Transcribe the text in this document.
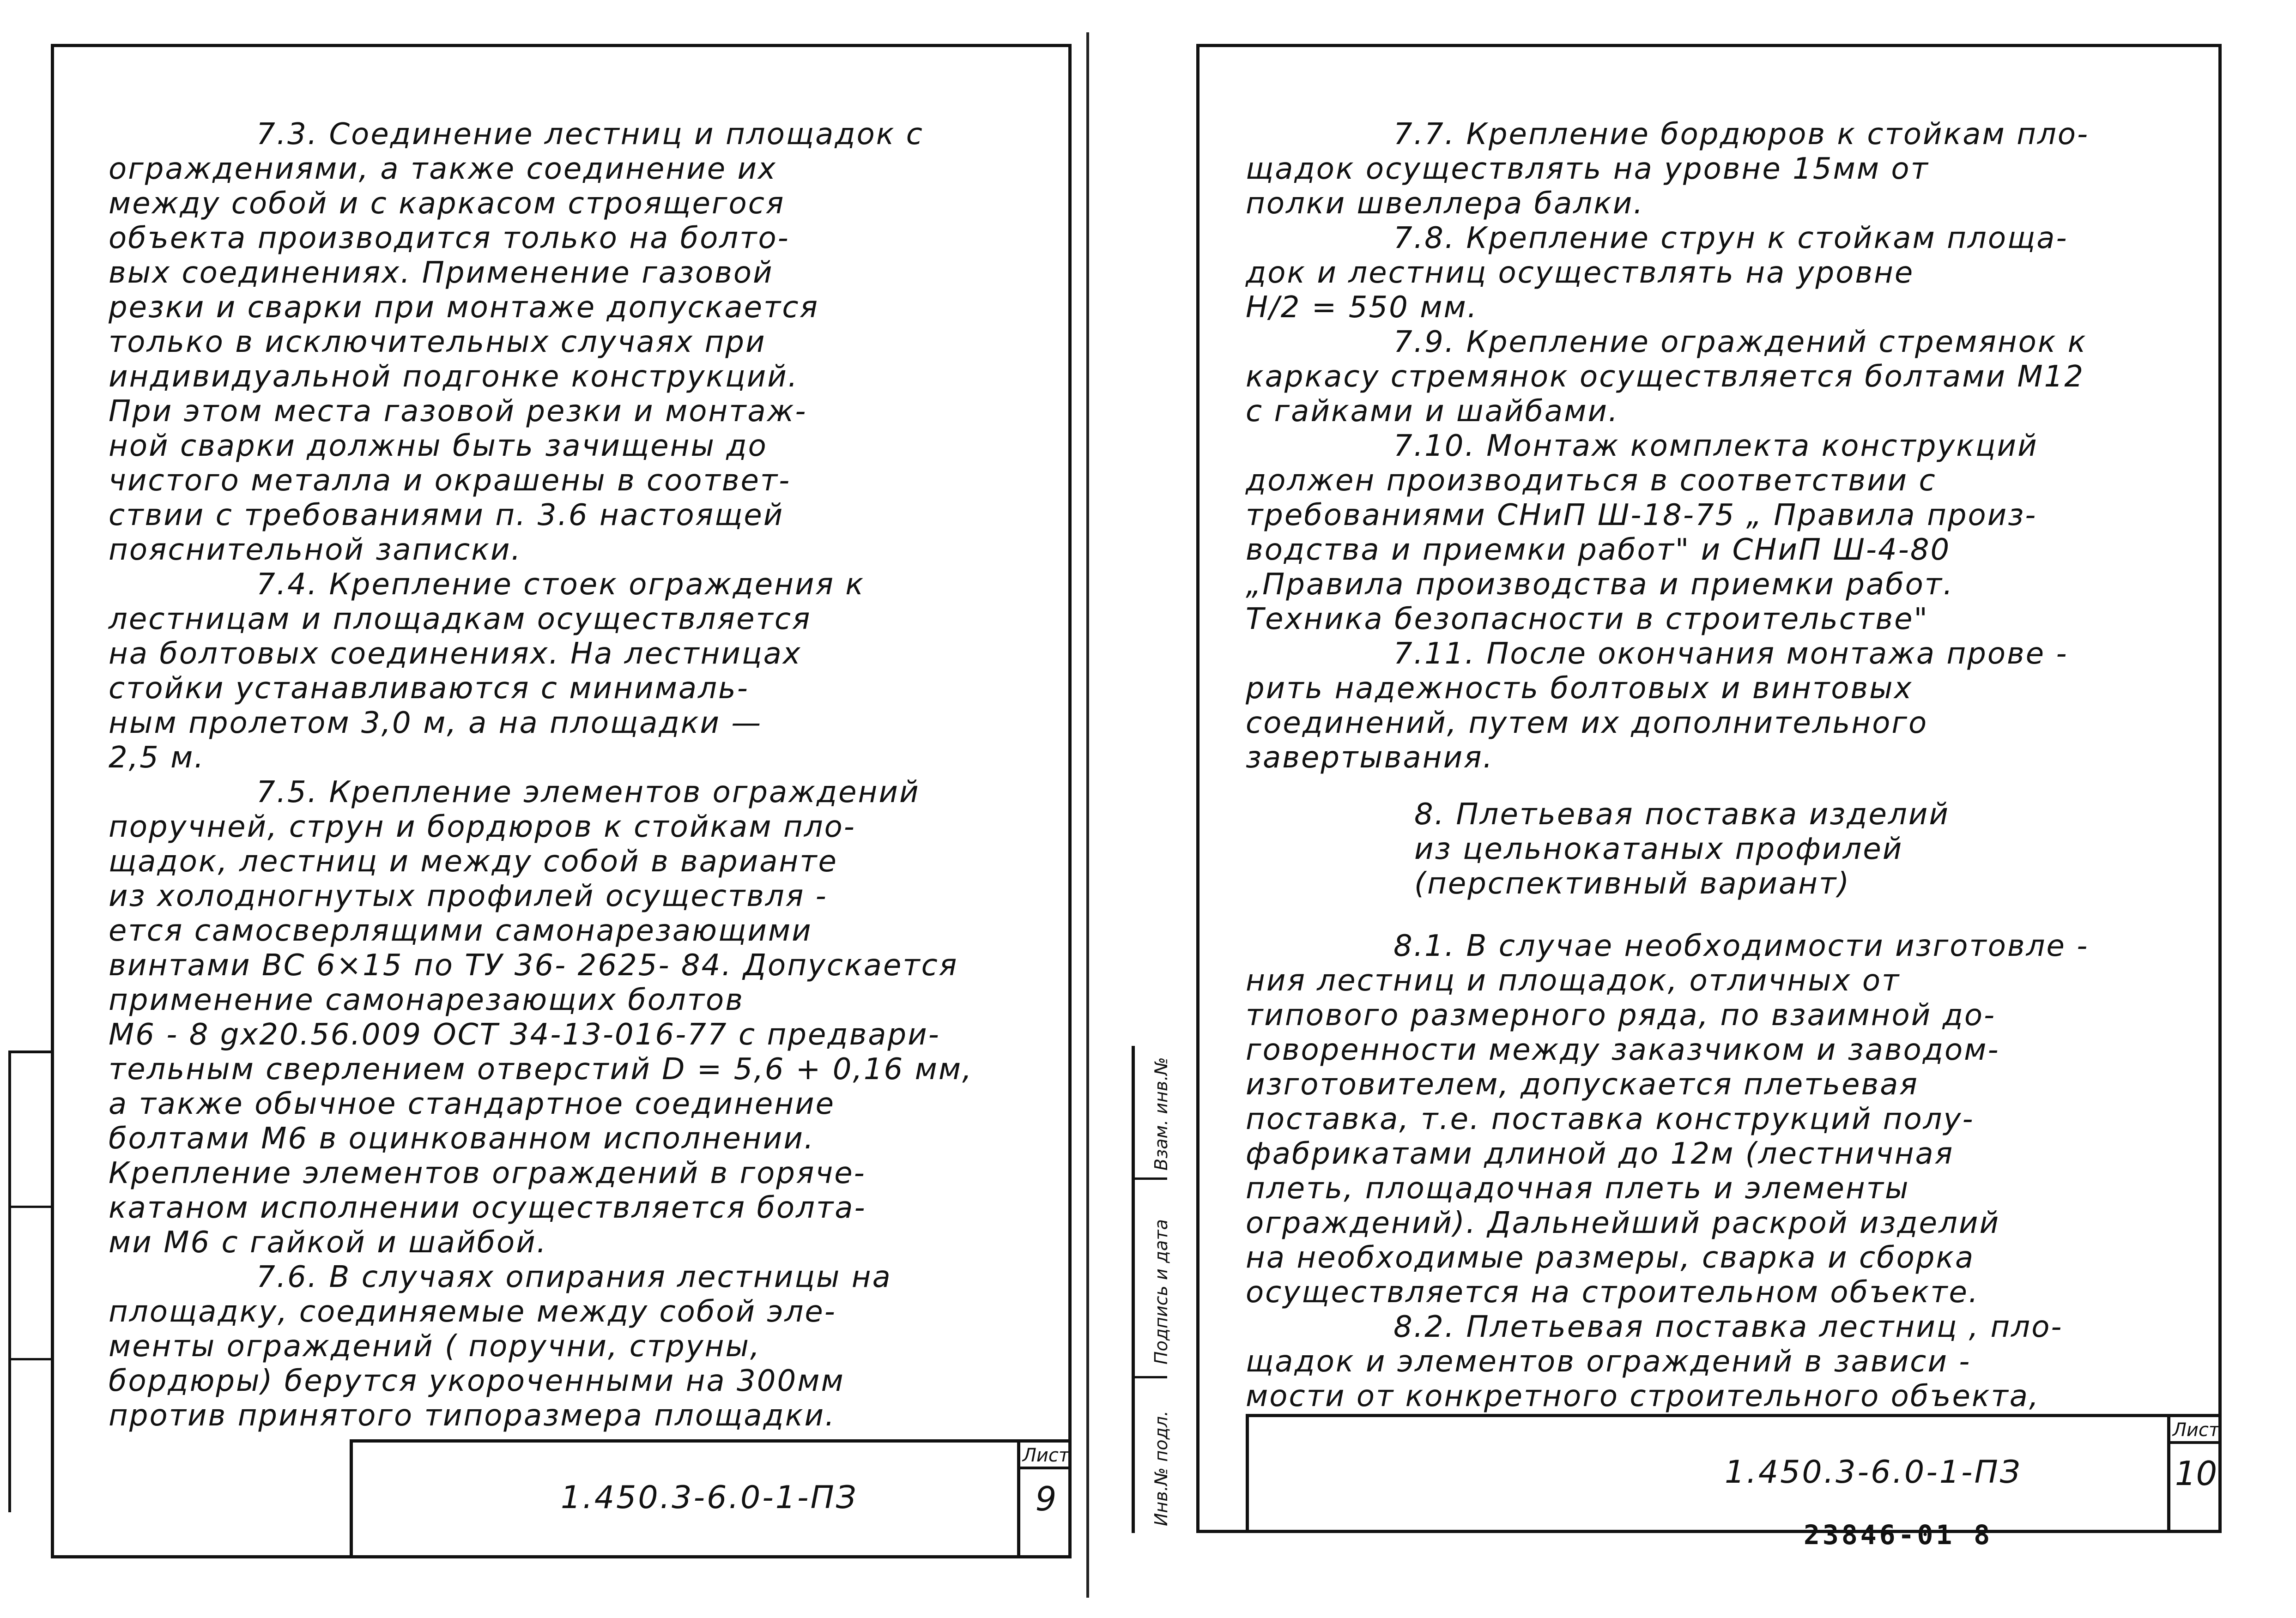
7.3. Соединение лестниц и площадок с
ограждениями, а также соединение их
между собой и с каркасом строящегося
объекта производится только на болто-
вых соединениях. Применение газовой
резки и сварки при монтаже допускается
только в исключительных случаях при
индивидуальной подгонке конструкций.
При этом места газовой резки и монтаж-
ной сварки должны быть зачищены до
чистого металла и окрашены в соответ-
ствии с требованиями п. 3.6 настоящей
пояснительной записки.
7.4. Крепление стоек ограждения к
лестницам и площадкам осуществляется
на болтовых соединениях. На лестницах
стойки устанавливаются с минималь-
ным пролетом 3,0 м, а на площадки —
2,5 м.
7.5. Крепление элементов ограждений
поручней, струн и бордюров к стойкам пло-
щадок, лестниц и между собой в варианте
из холодногнутых профилей осуществля -
ется самосверлящими самонарезающими
винтами ВС 6×15 по ТУ 36- 2625- 84. Допускается
применение самонарезающих болтов
М6 - 8 gх20.56.009 ОСТ 34-13-016-77 с предвари-
тельным сверлением отверстий D = 5,6 + 0,16 мм,
а также обычное стандартное соединение
болтами М6 в оцинкованном исполнении.
Крепление элементов ограждений в горяче-
катаном исполнении осуществляется болта-
ми М6 с гайкой и шайбой.
7.6. В случаях опирания лестницы на
площадку, соединяемые между собой эле-
менты ограждений ( поручни, струны,
бордюры) берутся укороченными на 300мм
против принятого типоразмера площадки.
1.450.3-6.0-1-ПЗ
Лист
9
Взам. инв.№
Подпись и дата
Инв.№ подл.
7.7. Крепление бордюров к стойкам пло-
щадок осуществлять на уровне 15мм от
полки швеллера балки.
7.8. Крепление струн к стойкам площа-
док и лестниц осуществлять на уровне
Н/2 = 550 мм.
7.9. Крепление ограждений стремянок к
каркасу стремянок осуществляется болтами М12
с гайками и шайбами.
7.10. Монтаж комплекта конструкций
должен производиться в соответствии с
требованиями СНиП Ш-18-75 „ Правила произ-
водства и приемки работ" и СНиП Ш-4-80
„Правила производства и приемки работ.
Техника безопасности в строительстве"
7.11. После окончания монтажа прове -
рить надежность болтовых и винтовых
соединений, путем их дополнительного
завертывания.
8. Плетьевая поставка изделий
из цельнокатаных профилей
(перспективный вариант)
8.1. В случае необходимости изготовле -
ния лестниц и площадок, отличных от
типового размерного ряда, по взаимной до-
говоренности между заказчиком и заводом-
изготовителем, допускается плетьевая
поставка, т.е. поставка конструкций полу-
фабрикатами длиной до 12м (лестничная
плеть, площадочная плеть и элементы
ограждений). Дальнейший раскрой изделий
на необходимые размеры, сварка и сборка
осуществляется на строительном объекте.
8.2. Плетьевая поставка лестниц , пло-
щадок и элементов ограждений в зависи -
мости от конкретного строительного объекта,
1.450.3-6.0-1-ПЗ
Лист
10
23846-01 8
